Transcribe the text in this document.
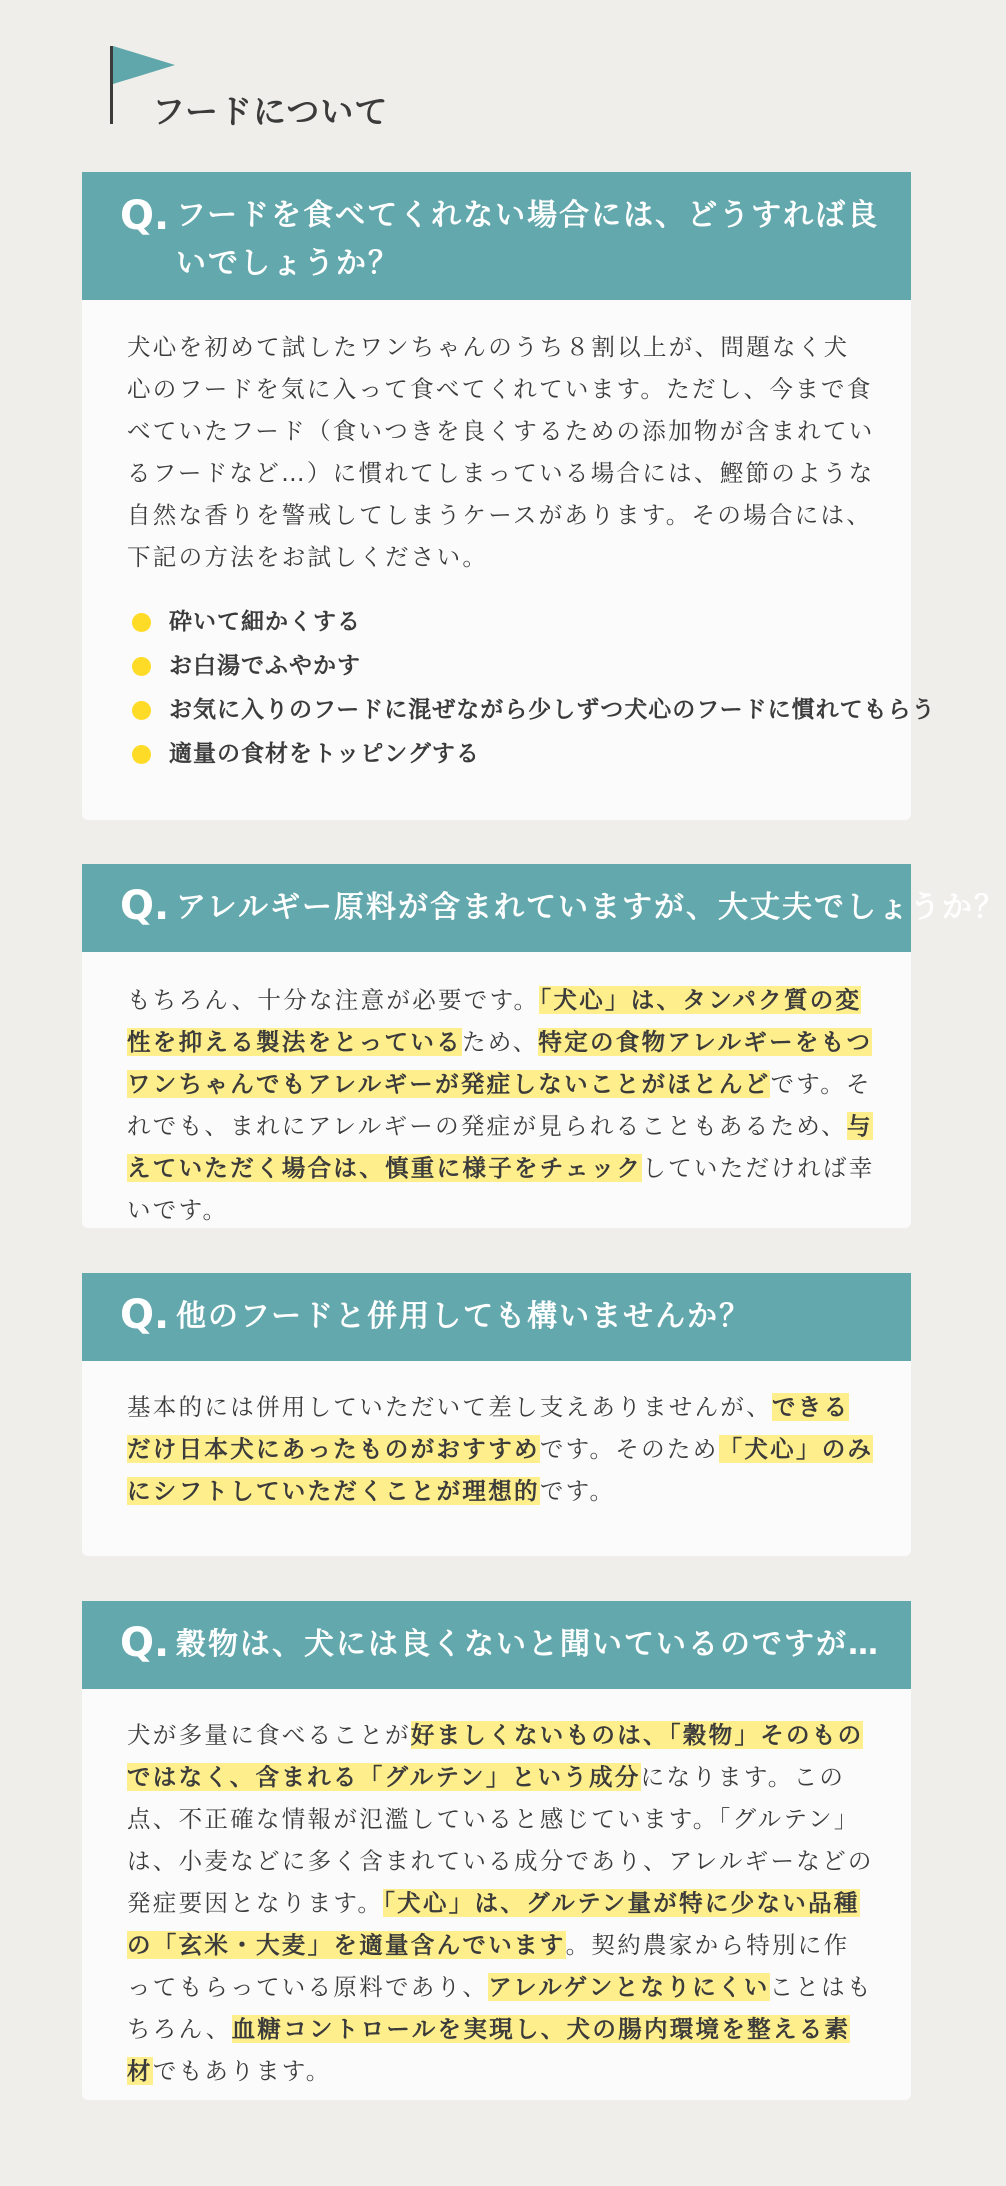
フードについて
Q. フードを食べてくれない場合には、どうすれば良いでしょうか？

犬心を初めて試したワンちゃんのうち８割以上が、問題なく犬心のフードを気に入って食べてくれています。ただし、今まで食べていたフード（食いつきを良くするための添加物が含まれているフードなど…）に慣れてしまっている場合には、鰹節のような自然な香りを警戒してしまうケースがあります。その場合には、下記の方法をお試しください。

砕いて細かくする
お白湯でふやかす
お気に入りのフードに混ぜながら少しずつ犬心のフードに慣れてもらう
適量の食材をトッピングする
Q. アレルギー原料が含まれていますが、大丈夫でしょうか？

もちろん、十分な注意が必要です。「犬心」は、タンパク質の変性を抑える製法をとっているため、特定の食物アレルギーをもつワンちゃんでもアレルギーが発症しないことがほとんどです。それでも、まれにアレルギーの発症が見られることもあるため、与えていただく場合は、慎重に様子をチェックしていただければ幸いです。

Q. 他のフードと併用しても構いませんか？

基本的には併用していただいて差し支えありませんが、できるだけ日本犬にあったものがおすすめです。そのため「犬心」のみにシフトしていただくことが理想的です。

Q. 穀物は、犬には良くないと聞いているのですが…

犬が多量に食べることが好ましくないものは、「穀物」そのものではなく、含まれる「グルテン」という成分になります。この点、不正確な情報が氾濫していると感じています。「グルテン」は、小麦などに多く含まれている成分であり、アレルギーなどの発症要因となります。「犬心」は、グルテン量が特に少ない品種の「玄米・大麦」を適量含んでいます。契約農家から特別に作ってもらっている原料であり、アレルゲンとなりにくいことはもちろん、血糖コントロールを実現し、犬の腸内環境を整える素材でもあります。
